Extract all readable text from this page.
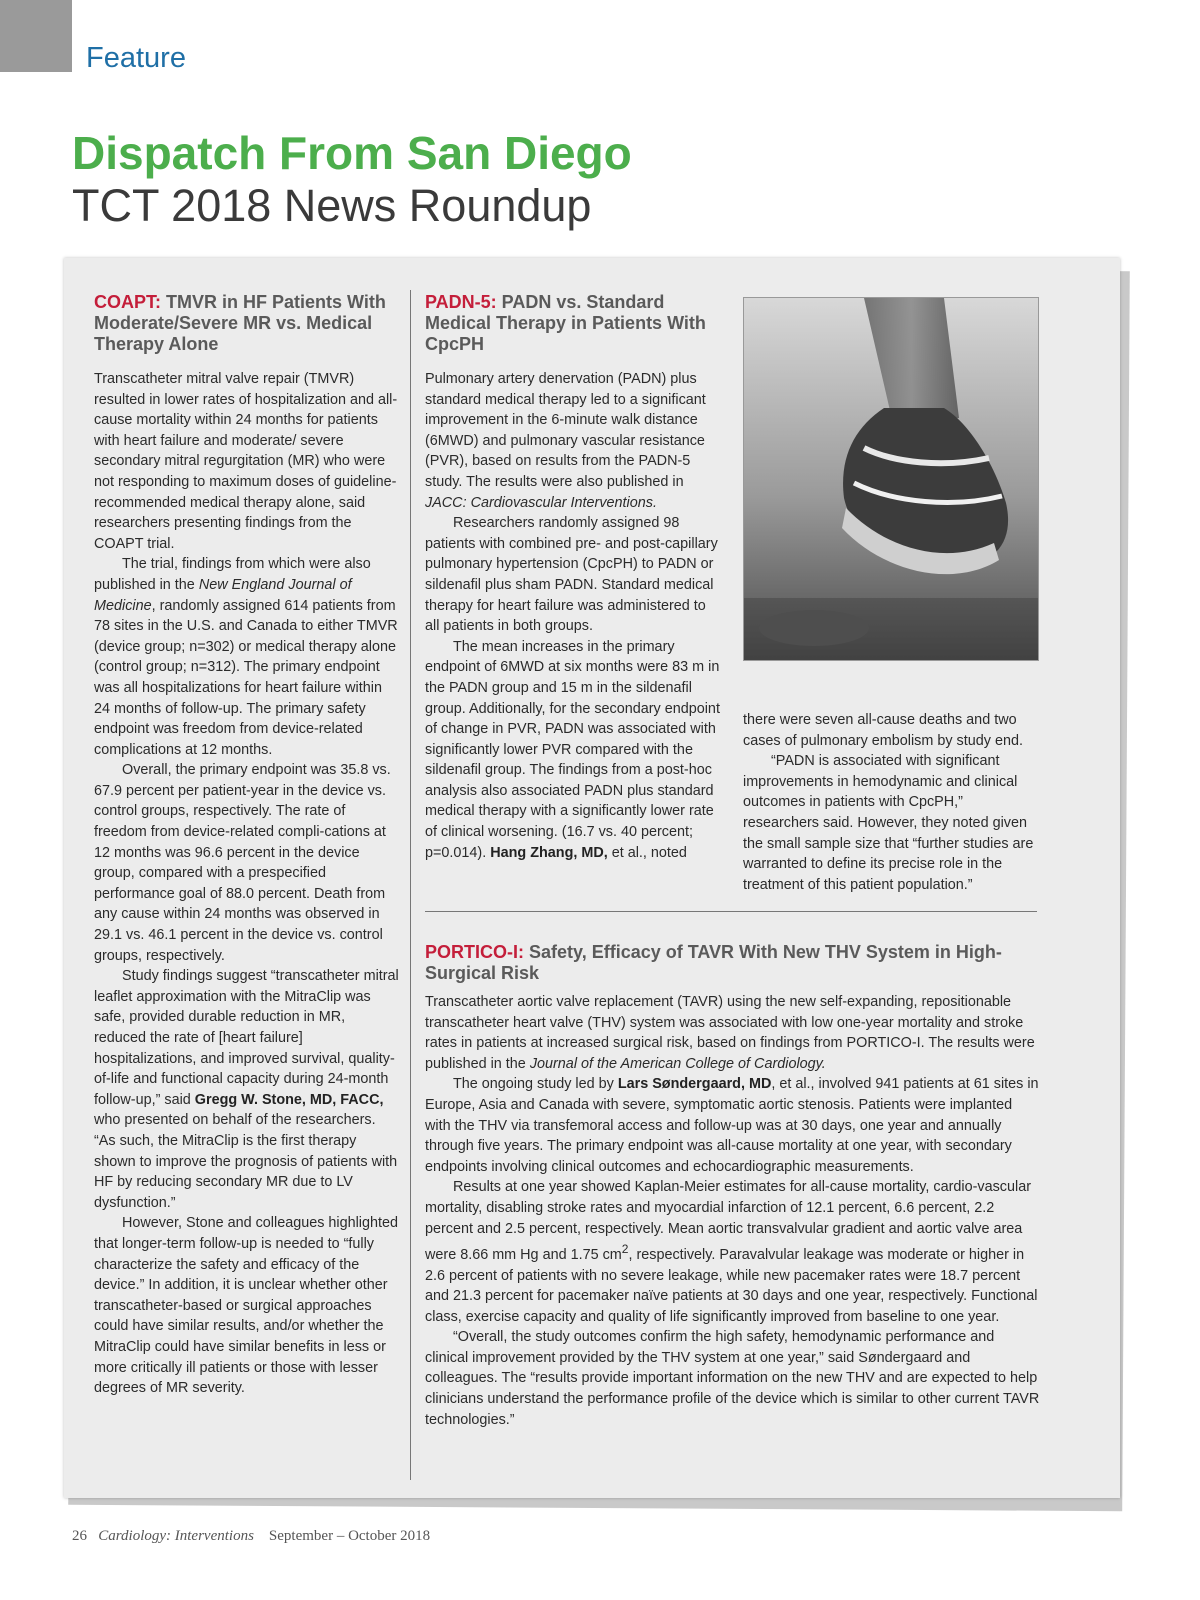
Feature
Dispatch From San Diego
TCT 2018 News Roundup
COAPT: TMVR in HF Patients With Moderate/Severe MR vs. Medical Therapy Alone

Transcatheter mitral valve repair (TMVR) resulted in lower rates of hospitalization and all-cause mortality within 24 months for patients with heart failure and moderate/ severe secondary mitral regurgitation (MR) who were not responding to maximum doses of guideline-recommended medical therapy alone, said researchers presenting findings from the COAPT trial.

The trial, findings from which were also published in the New England Journal of Medicine, randomly assigned 614 patients from 78 sites in the U.S. and Canada to either TMVR (device group; n=302) or medical therapy alone (control group; n=312). The primary endpoint was all hospitalizations for heart failure within 24 months of follow-up. The primary safety endpoint was freedom from device-related complications at 12 months.

Overall, the primary endpoint was 35.8 vs. 67.9 percent per patient-year in the device vs. control groups, respectively. The rate of freedom from device-related compli-cations at 12 months was 96.6 percent in the device group, compared with a prespecified performance goal of 88.0 percent. Death from any cause within 24 months was observed in 29.1 vs. 46.1 percent in the device vs. control groups, respectively.

Study findings suggest “transcatheter mitral leaflet approximation with the MitraClip was safe, provided durable reduction in MR, reduced the rate of [heart failure] hospitalizations, and improved survival, quality-of-life and functional capacity during 24-month follow-up,” said Gregg W. Stone, MD, FACC, who presented on behalf of the researchers. “As such, the MitraClip is the first therapy shown to improve the prognosis of patients with HF by reducing secondary MR due to LV dysfunction.”

However, Stone and colleagues highlighted that longer-term follow-up is needed to “fully characterize the safety and efficacy of the device.” In addition, it is unclear whether other transcatheter-based or surgical approaches could have similar results, and/or whether the MitraClip could have similar benefits in less or more critically ill patients or those with lesser degrees of MR severity.

PADN-5: PADN vs. Standard Medical Therapy in Patients With CpcPH

Pulmonary artery denervation (PADN) plus standard medical therapy led to a significant improvement in the 6-minute walk distance (6MWD) and pulmonary vascular resistance (PVR), based on results from the PADN-5 study. The results were also published in JACC: Cardiovascular Interventions.

Researchers randomly assigned 98 patients with combined pre- and post-capillary pulmonary hypertension (CpcPH) to PADN or sildenafil plus sham PADN. Standard medical therapy for heart failure was administered to all patients in both groups.

The mean increases in the primary endpoint of 6MWD at six months were 83 m in the PADN group and 15 m in the sildenafil group. Additionally, for the secondary endpoint of change in PVR, PADN was associated with significantly lower PVR compared with the sildenafil group. The findings from a post-hoc analysis also associated PADN plus standard medical therapy with a significantly lower rate of clinical worsening. (16.7 vs. 40 percent; p=0.014). Hang Zhang, MD, et al., noted

there were seven all-cause deaths and two cases of pulmonary embolism by study end.

“PADN is associated with significant improvements in hemodynamic and clinical outcomes in patients with CpcPH,” researchers said. However, they noted given the small sample size that “further studies are warranted to define its precise role in the treatment of this patient population.”

PORTICO-I: Safety, Efficacy of TAVR With New THV System in High-Surgical Risk

Transcatheter aortic valve replacement (TAVR) using the new self-expanding, repositionable transcatheter heart valve (THV) system was associated with low one-year mortality and stroke rates in patients at increased surgical risk, based on findings from PORTICO-I. The results were published in the Journal of the American College of Cardiology.

The ongoing study led by Lars Søndergaard, MD, et al., involved 941 patients at 61 sites in Europe, Asia and Canada with severe, symptomatic aortic stenosis. Patients were implanted with the THV via transfemoral access and follow-up was at 30 days, one year and annually through five years. The primary endpoint was all-cause mortality at one year, with secondary endpoints involving clinical outcomes and echocardiographic measurements.

Results at one year showed Kaplan-Meier estimates for all-cause mortality, cardio-vascular mortality, disabling stroke rates and myocardial infarction of 12.1 percent, 6.6 percent, 2.2 percent and 2.5 percent, respectively. Mean aortic transvalvular gradient and aortic valve area were 8.66 mm Hg and 1.75 $cm^2$, respectively. Paravalvular leakage was moderate or higher in 2.6 percent of patients with no severe leakage, while new pacemaker rates were 18.7 percent and 21.3 percent for pacemaker naïve patients at 30 days and one year, respectively. Functional class, exercise capacity and quality of life significantly improved from baseline to one year.

“Overall, the study outcomes confirm the high safety, hemodynamic performance and clinical improvement provided by the THV system at one year,” said Søndergaard and colleagues. The “results provide important information on the new THV and are expected to help clinicians understand the performance profile of the device which is similar to other current TAVR technologies.”

26 Cardiology: Interventions September – October 2018
